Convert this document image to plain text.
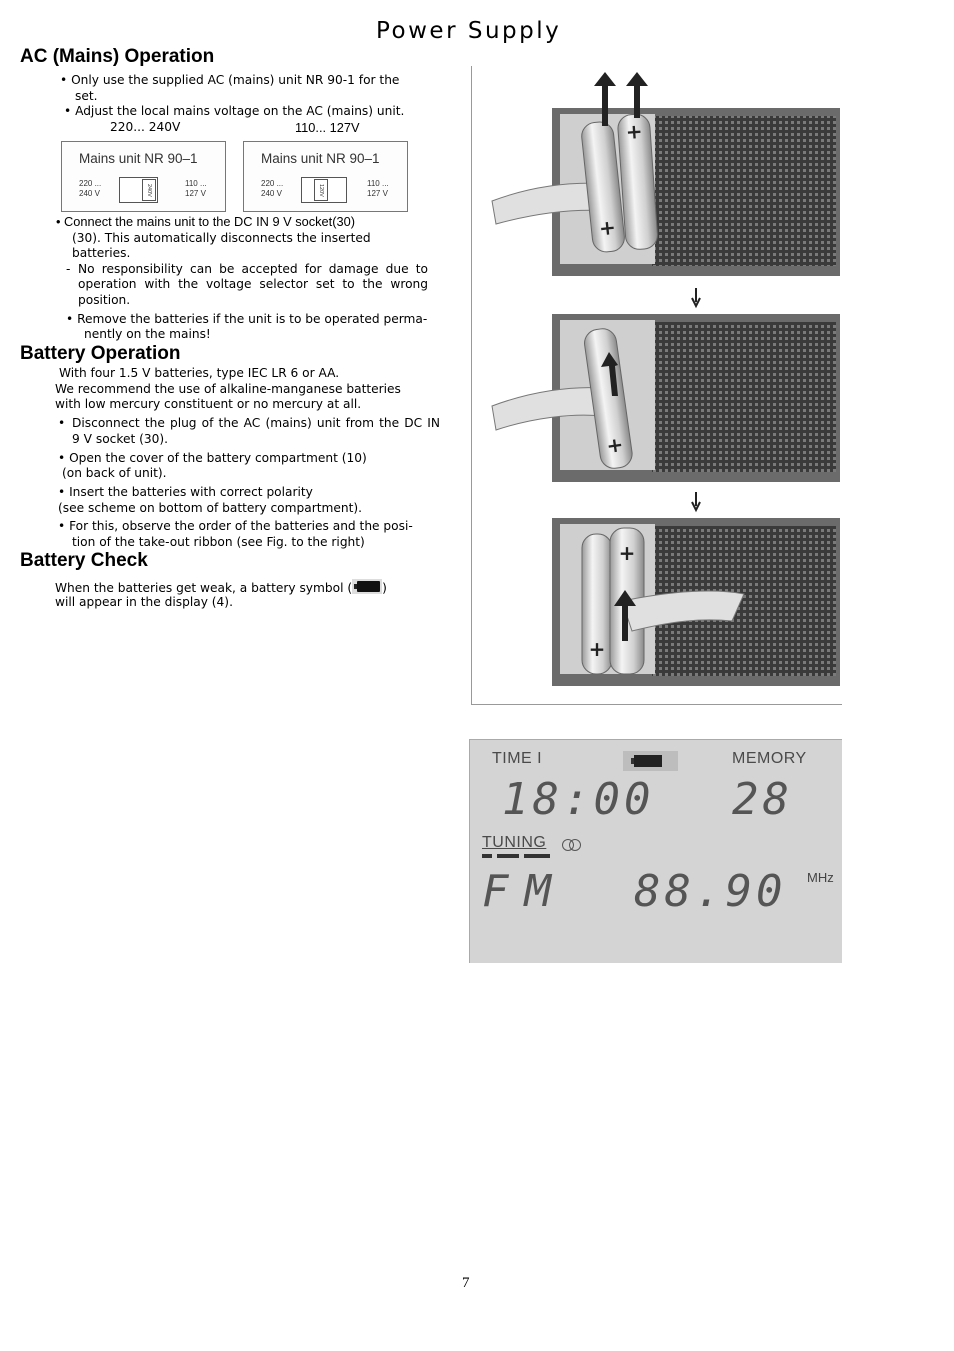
Power Supply
AC (Mains) Operation
• Only use the supplied AC (mains) unit NR 90-1 for the
set.
• Adjust the local mains voltage on the AC (mains) unit.
220... 240V	110... 127V
Mains unit NR 90–1
220 ...
240 V	240V
110 ...
127 V
Mains unit NR 90–1
220 ...
240 V	120V
110 ...
127 V
• Connect the mains unit to the DC IN 9 V socket(30)
(30). This automatically disconnects the inserted
batteries.
- No responsibility can be accepted for damage due to
operation with the voltage selector set to the wrong
position.
• Remove the batteries if the unit is to be operated perma-
nently on the mains!
Battery Operation
With four 1.5 V batteries, type IEC LR 6 or AA.
We recommend the use of alkaline-manganese batteries
with low mercury constituent or no mercury at all.
• Disconnect the plug of the AC (mains) unit from the DC IN
9 V socket (30).
• Open the cover of the battery compartment (10)
(on back of unit).
• Insert the batteries with correct polarity
(see scheme on bottom of battery compartment).
• For this, observe the order of the batteries and the posi-
tion of the take-out ribbon (see Fig. to the right)
Battery Check
When the batteries get weak, a battery symbol ( )
will appear in the display (4).
+
+
+
+
+
TIME I	MEMORY
18:00 28
TUNING
FM 88.90 MHz
7
